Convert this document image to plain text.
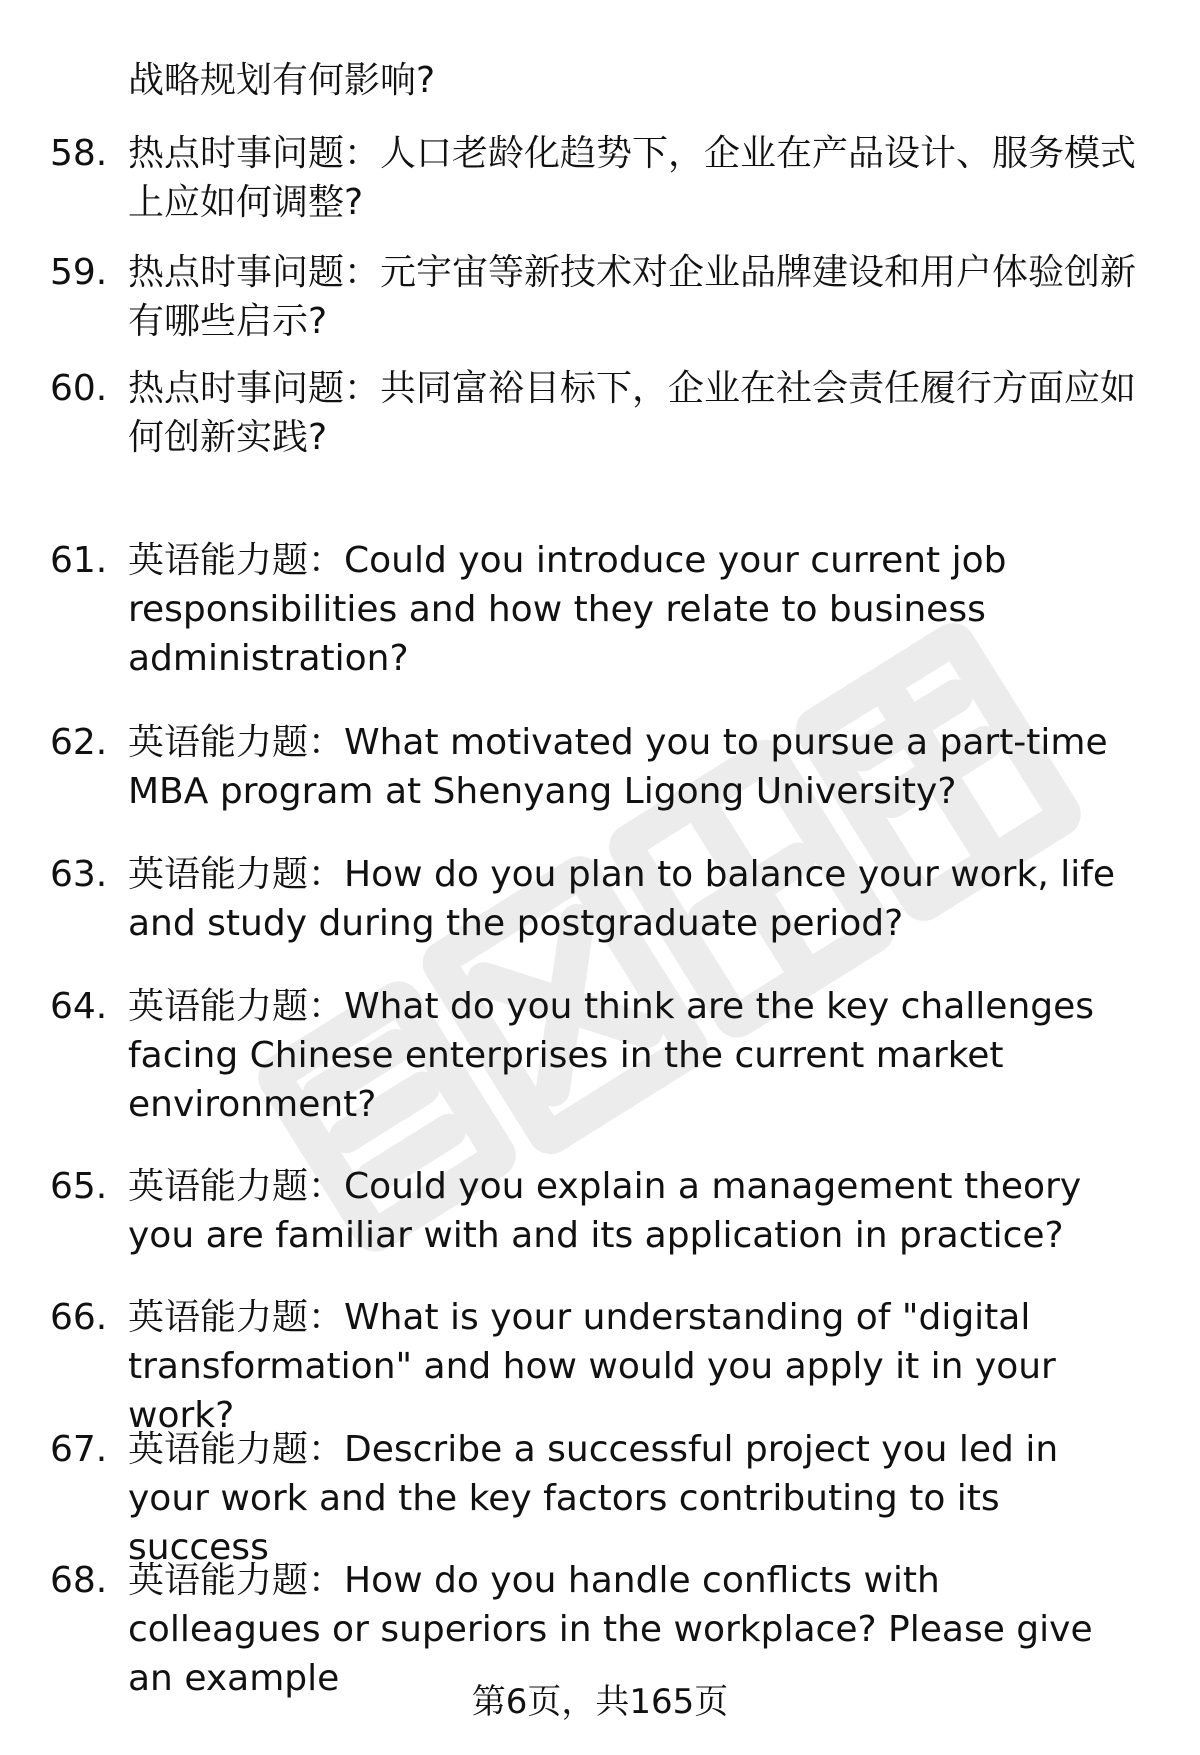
战略规划有何影响?
58. 热点时事问题：人口老龄化趋势下，企业在产品设计、服务模式上应如何调整?
59. 热点时事问题：元宇宙等新技术对企业品牌建设和用户体验创新有哪些启示?
60. 热点时事问题：共同富裕目标下，企业在社会责任履行方面应如何创新实践?
61. 英语能力题：Could you introduce your current job responsibilities and how they relate to business administration?
62. 英语能力题：What motivated you to pursue a part-time MBA program at Shenyang Ligong University?
63. 英语能力题：How do you plan to balance your work, life and study during the postgraduate period?
64. 英语能力题：What do you think are the key challenges facing Chinese enterprises in the current market environment?
65. 英语能力题：Could you explain a management theory you are familiar with and its application in practice?
66. 英语能力题：What is your understanding of "digital transformation" and how would you apply it in your work?
67. 英语能力题：Describe a successful project you led in your work and the key factors contributing to its success
68. 英语能力题：How do you handle conflicts with colleagues or superiors in the workplace? Please give an example
第6页，共165页
